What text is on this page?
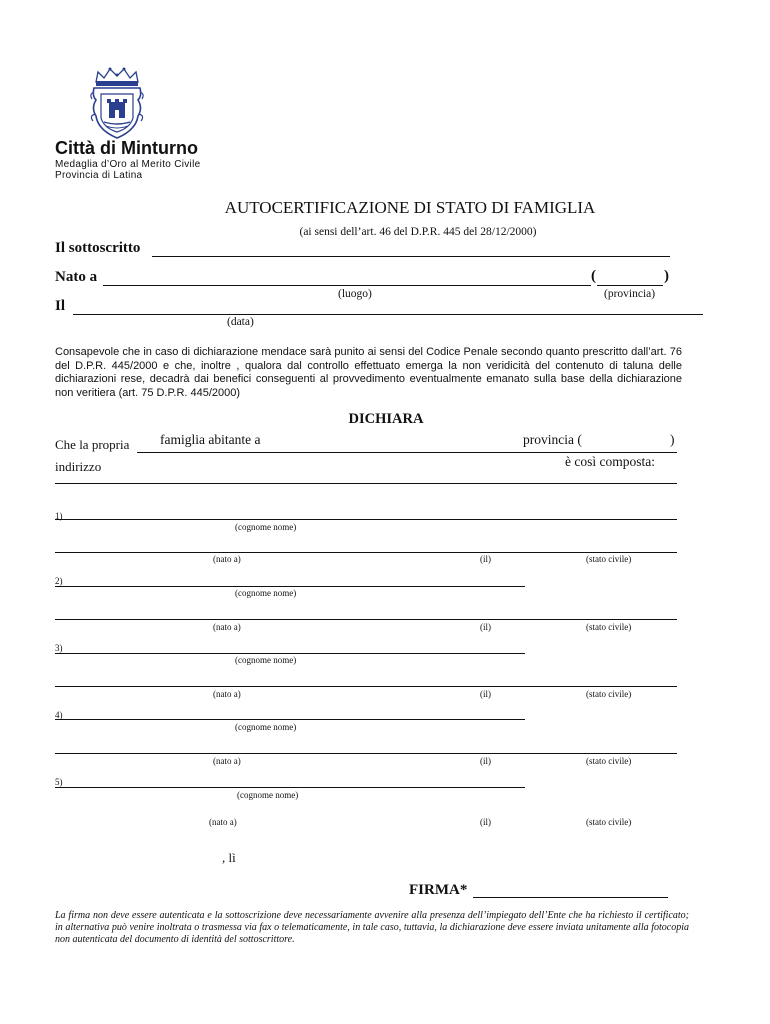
Città di Minturno
Medaglia d’Oro al Merito Civile
Provincia di Latina
AUTOCERTIFICAZIONE DI STATO DI FAMIGLIA
(ai sensi dell’art. 46 del D.P.R. 445 del 28/12/2000)
Il sottoscritto
Nato a	(	)
(luogo)	(provincia)
Il
(data)
Consapevole che in caso di dichiarazione mendace sarà punito ai sensi del Codice Penale secondo quanto prescritto dall’art. 76 del D.P.R. 445/2000 e che, inoltre , qualora dal controllo effettuato emerga la non veridicità del contenuto di taluna delle dichiarazioni rese, decadrà dai benefici conseguenti al provvedimento eventualmente emanato sulla base della dichiarazione non veritiera (art. 75 D.P.R. 445/2000)
DICHIARA
Che la propria famiglia abitante a	provincia (	)
indirizzo	è così composta:
1)
(cognome nome)
(nato a)	(il)	(stato civile)
2)
(cognome nome)
(nato a)	(il)	(stato civile)
3)
(cognome nome)
(nato a)	(il)	(stato civile)
4)
(cognome nome)
(nato a)	(il)	(stato civile)
5)
(cognome nome)
(nato a)	(il)	(stato civile)
, lì
FIRMA*
La firma non deve essere autenticata e la sottoscrizione deve necessariamente avvenire alla presenza dell’impiegato dell’Ente che ha richiesto il certificato; in alternativa può venire inoltrata o trasmessa via fax o telematicamente, in tale caso, tuttavia, la dichiarazione deve essere inviata unitamente alla fotocopia non autenticata del documento di identità del sottoscrittore.
